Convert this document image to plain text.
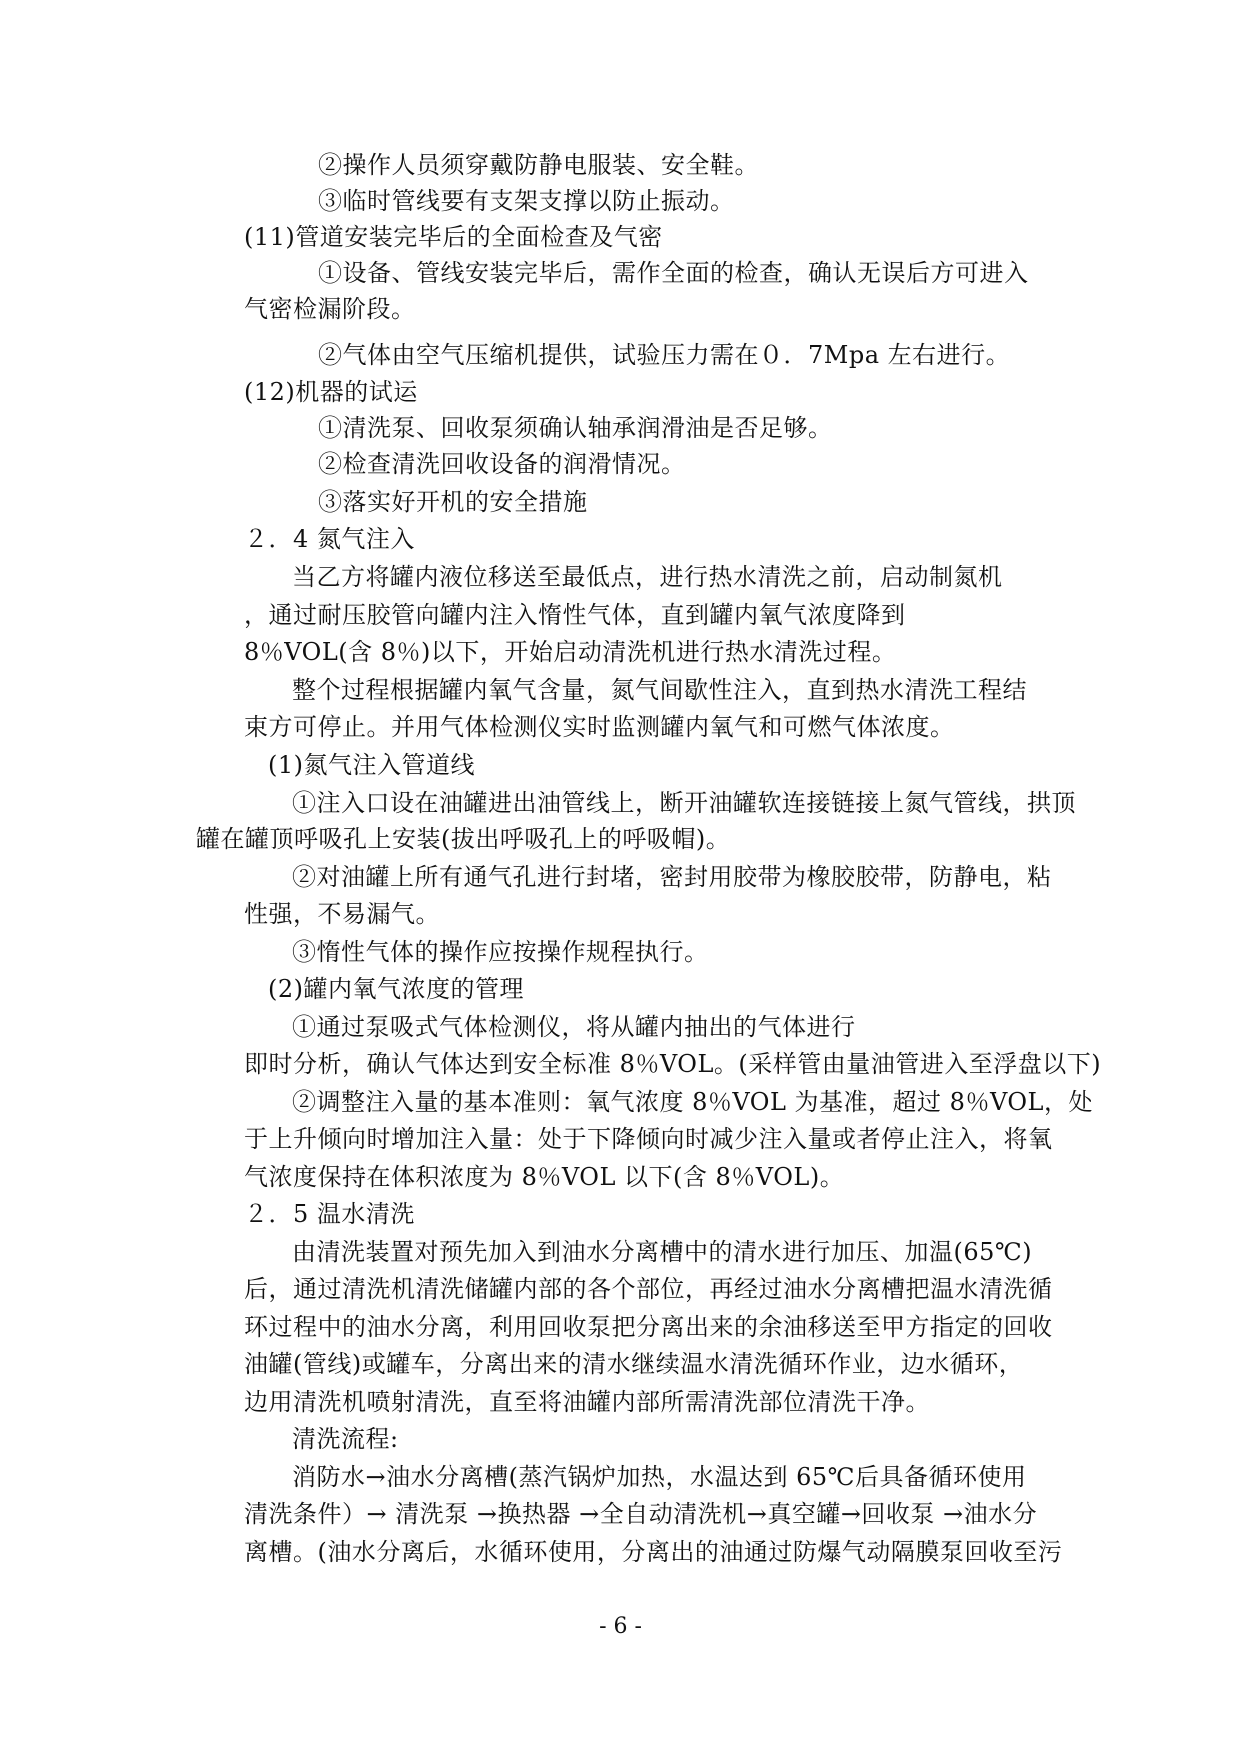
②操作人员须穿戴防静电服装、安全鞋。
③临时管线要有支架支撑以防止振动。
(11)管道安装完毕后的全面检查及气密
①设备、管线安装完毕后，需作全面的检查，确认无误后方可进入
气密检漏阶段。
②气体由空气压缩机提供，试验压力需在０．7Mpa 左右进行。
(12)机器的试运
①清洗泵、回收泵须确认轴承润滑油是否足够。
②检查清洗回收设备的润滑情况。
③落实好开机的安全措施
２．4 氮气注入
当乙方将罐内液位移送至最低点，进行热水清洗之前，启动制氮机
，通过耐压胶管向罐内注入惰性气体，直到罐内氧气浓度降到
8％VOL(含 8％)以下，开始启动清洗机进行热水清洗过程。
整个过程根据罐内氧气含量，氮气间歇性注入，直到热水清洗工程结
束方可停止。并用气体检测仪实时监测罐内氧气和可燃气体浓度。
(1)氮气注入管道线
①注入口设在油罐进出油管线上，断开油罐软连接链接上氮气管线，拱顶
罐在罐顶呼吸孔上安装(拔出呼吸孔上的呼吸帽)。
②对油罐上所有通气孔进行封堵，密封用胶带为橡胶胶带，防静电，粘
性强，不易漏气。
③惰性气体的操作应按操作规程执行。
(2)罐内氧气浓度的管理
①通过泵吸式气体检测仪，将从罐内抽出的气体进行
即时分析，确认气体达到安全标准 8％VOL。(采样管由量油管进入至浮盘以下)
②调整注入量的基本准则：氧气浓度 8％VOL 为基准，超过 8％VOL，处
于上升倾向时增加注入量：处于下降倾向时减少注入量或者停止注入，将氧
气浓度保持在体积浓度为 8％VOL 以下(含 8％VOL)。
２．5 温水清洗
由清洗装置对预先加入到油水分离槽中的清水进行加压、加温(65℃)
后，通过清洗机清洗储罐内部的各个部位，再经过油水分离槽把温水清洗循
环过程中的油水分离，利用回收泵把分离出来的余油移送至甲方指定的回收
油罐(管线)或罐车，分离出来的清水继续温水清洗循环作业，边水循环，
边用清洗机喷射清洗，直至将油罐内部所需清洗部位清洗干净。
清洗流程:
消防水→油水分离槽(蒸汽锅炉加热，水温达到 65℃后具备循环使用
清洗条件）→ 清洗泵 →换热器 →全自动清洗机→真空罐→回收泵 →油水分
离槽。(油水分离后，水循环使用，分离出的油通过防爆气动隔膜泵回收至污
- 6 -
